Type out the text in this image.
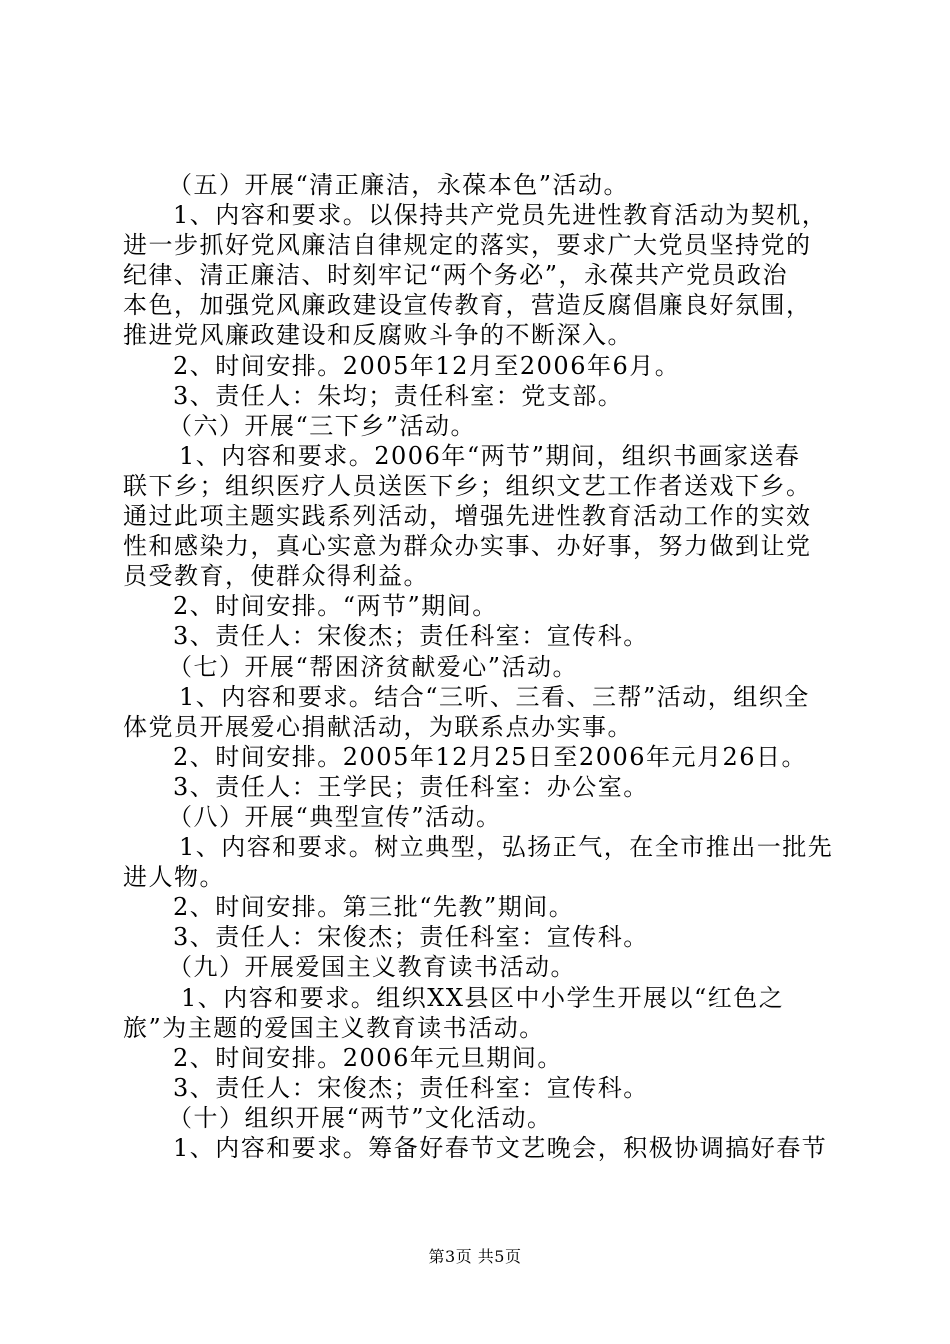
（五）开展“清正廉洁，永葆本色”活动。
1、内容和要求。以保持共产党员先进性教育活动为契机，
进一步抓好党风廉洁自律规定的落实，要求广大党员坚持党的
纪律、清正廉洁、时刻牢记“两个务必”，永葆共产党员政治
本色，加强党风廉政建设宣传教育，营造反腐倡廉良好氛围，
推进党风廉政建设和反腐败斗争的不断深入。
2、时间安排。2005年12月至2006年6月。
3、责任人：朱均；责任科室：党支部。
（六）开展“三下乡”活动。
1、内容和要求。2006年“两节”期间，组织书画家送春
联下乡；组织医疗人员送医下乡；组织文艺工作者送戏下乡。
通过此项主题实践系列活动，增强先进性教育活动工作的实效
性和感染力，真心实意为群众办实事、办好事，努力做到让党
员受教育，使群众得利益。
2、时间安排。“两节”期间。
3、责任人：宋俊杰；责任科室：宣传科。
（七）开展“帮困济贫献爱心”活动。
1、内容和要求。结合“三听、三看、三帮”活动，组织全
体党员开展爱心捐献活动，为联系点办实事。
2、时间安排。2005年12月25日至2006年元月26日。
3、责任人：王学民；责任科室：办公室。
（八）开展“典型宣传”活动。
1、内容和要求。树立典型，弘扬正气，在全市推出一批先
进人物。
2、时间安排。第三批“先教”期间。
3、责任人：宋俊杰；责任科室：宣传科。
（九）开展爱国主义教育读书活动。
1、内容和要求。组织XX县区中小学生开展以“红色之
旅”为主题的爱国主义教育读书活动。
2、时间安排。2006年元旦期间。
3、责任人：宋俊杰；责任科室：宣传科。
（十）组织开展“两节”文化活动。
1、内容和要求。筹备好春节文艺晚会，积极协调搞好春节
第3页 共5页
